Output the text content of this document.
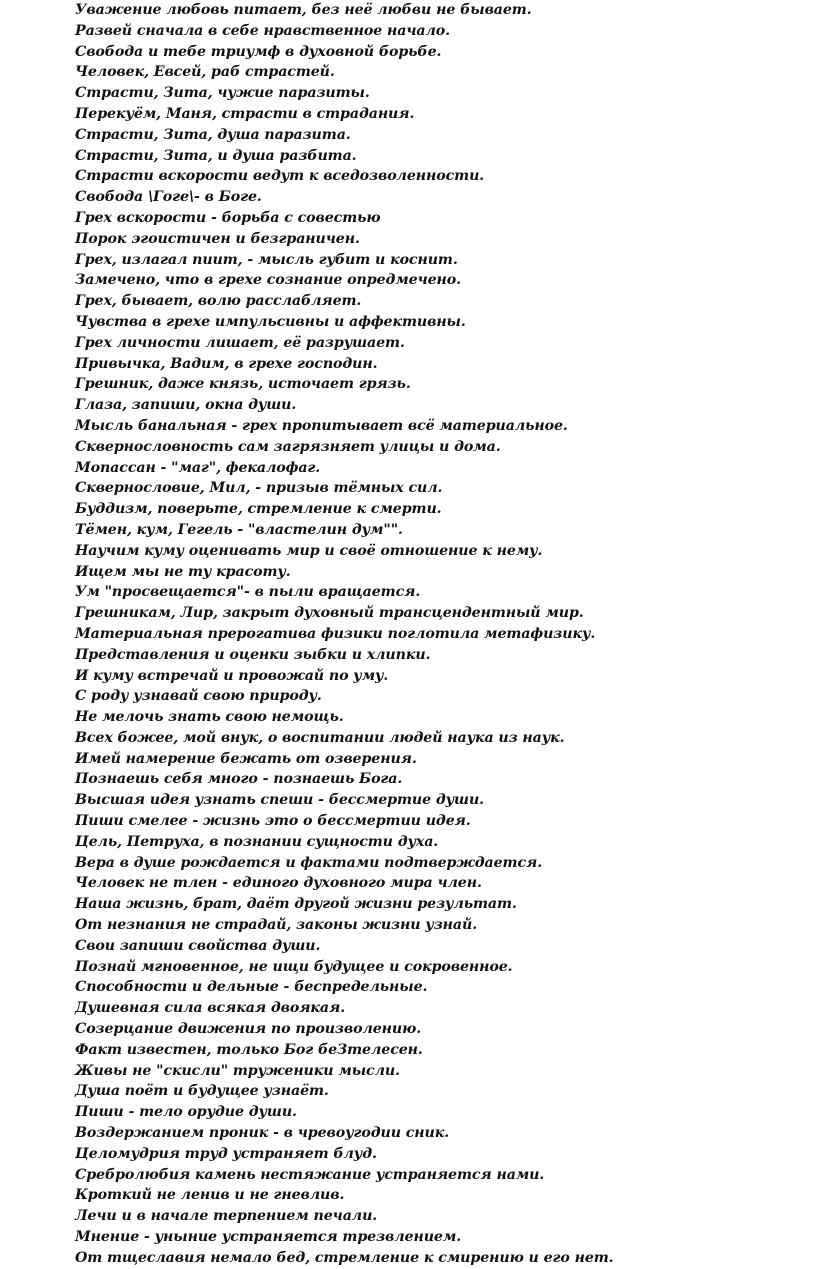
Уважение любовь питает, без неё любви не бывает.
Развей сначала в себе нравственное начало.
Свобода и тебе триумф в духовной борьбе.
Человек, Евсей, раб страстей.
Страсти, Зита, чужие паразиты.
Перекуём, Маня, страсти в страдания.
Страсти, Зита, душа паразита.
Страсти, Зита, и душа разбита.
Страсти вскорости ведут к вседозволенности.
Свобода \Гоге\- в Боге.
Грех вскорости - борьба с совестью
Порок эгоистичен и безграничен.
Грех, излагал пиит, - мысль губит и коснит.
Замечено, что в грехе сознание опредмечено.
Грех, бывает, волю расслабляет.
Чувства в грехе импульсивны и аффективны.
Грех личности лишает, её разрушает.
Привычка, Вадим, в грехе господин.
Грешник, даже князь, источает грязь.
Глаза, запиши, окна души.
Мысль банальная - грех пропитывает всё материальное.
Сквернословность сам загрязняет улицы и дома.
Мопассан - "маг", фекалофаг.
Сквернословие, Мил, - призыв тёмных сил.
Буддизм, поверьте, стремление к смерти.
Тёмен, кум, Гегель - "властелин дум"".
Научим куму оценивать мир и своё отношение к нему.
Ищем мы не ту красоту.
Ум "просвещается"- в пыли вращается.
Грешникам, Лир, закрыт духовный трансцендентный мир.
Материальная прерогатива физики поглотила метафизику.
Представления и оценки зыбки и хлипки.
И куму встречай и провожай по уму.
С роду узнавай свою природу.
Не мелочь знать свою немощь.
Всех божее, мой внук, о воспитании людей наука из наук.
Имей намерение бежать от озверения.
Познаешь себя много - познаешь Бога.
Высшая идея узнать спеши - бессмертие души.
Пиши смелее - жизнь это о бессмертии идея.
Цель, Петруха, в познании сущности духа.
Вера в душе рождается и фактами подтверждается.
Человек не тлен - единого духовного мира член.
Наша жизнь, брат, даёт другой жизни результат.
От незнания не страдай, законы жизни узнай.
Свои запиши свойства души.
Познай мгновенное, не ищи будущее и сокровенное.
Способности и дельные - беспредельные.
Душевная сила всякая двоякая.
Созерцание движения по произволению.
Факт известен, только Бог беЗтелесен.
Живы не "скисли" труженики мысли.
Душа поёт и будущее узнаёт.
Пиши - тело орудие души.
Воздержанием проник - в чревоугодии сник.
Целомудрия труд устраняет блуд.
Сребролюбия камень нестяжание устраняется нами.
Кроткий не ленив и не гневлив.
Лечи и в начале терпением печали.
Мнение - уныние устраняется трезвлением.
От тщеславия немало бед, стремление к смирению и его нет.
